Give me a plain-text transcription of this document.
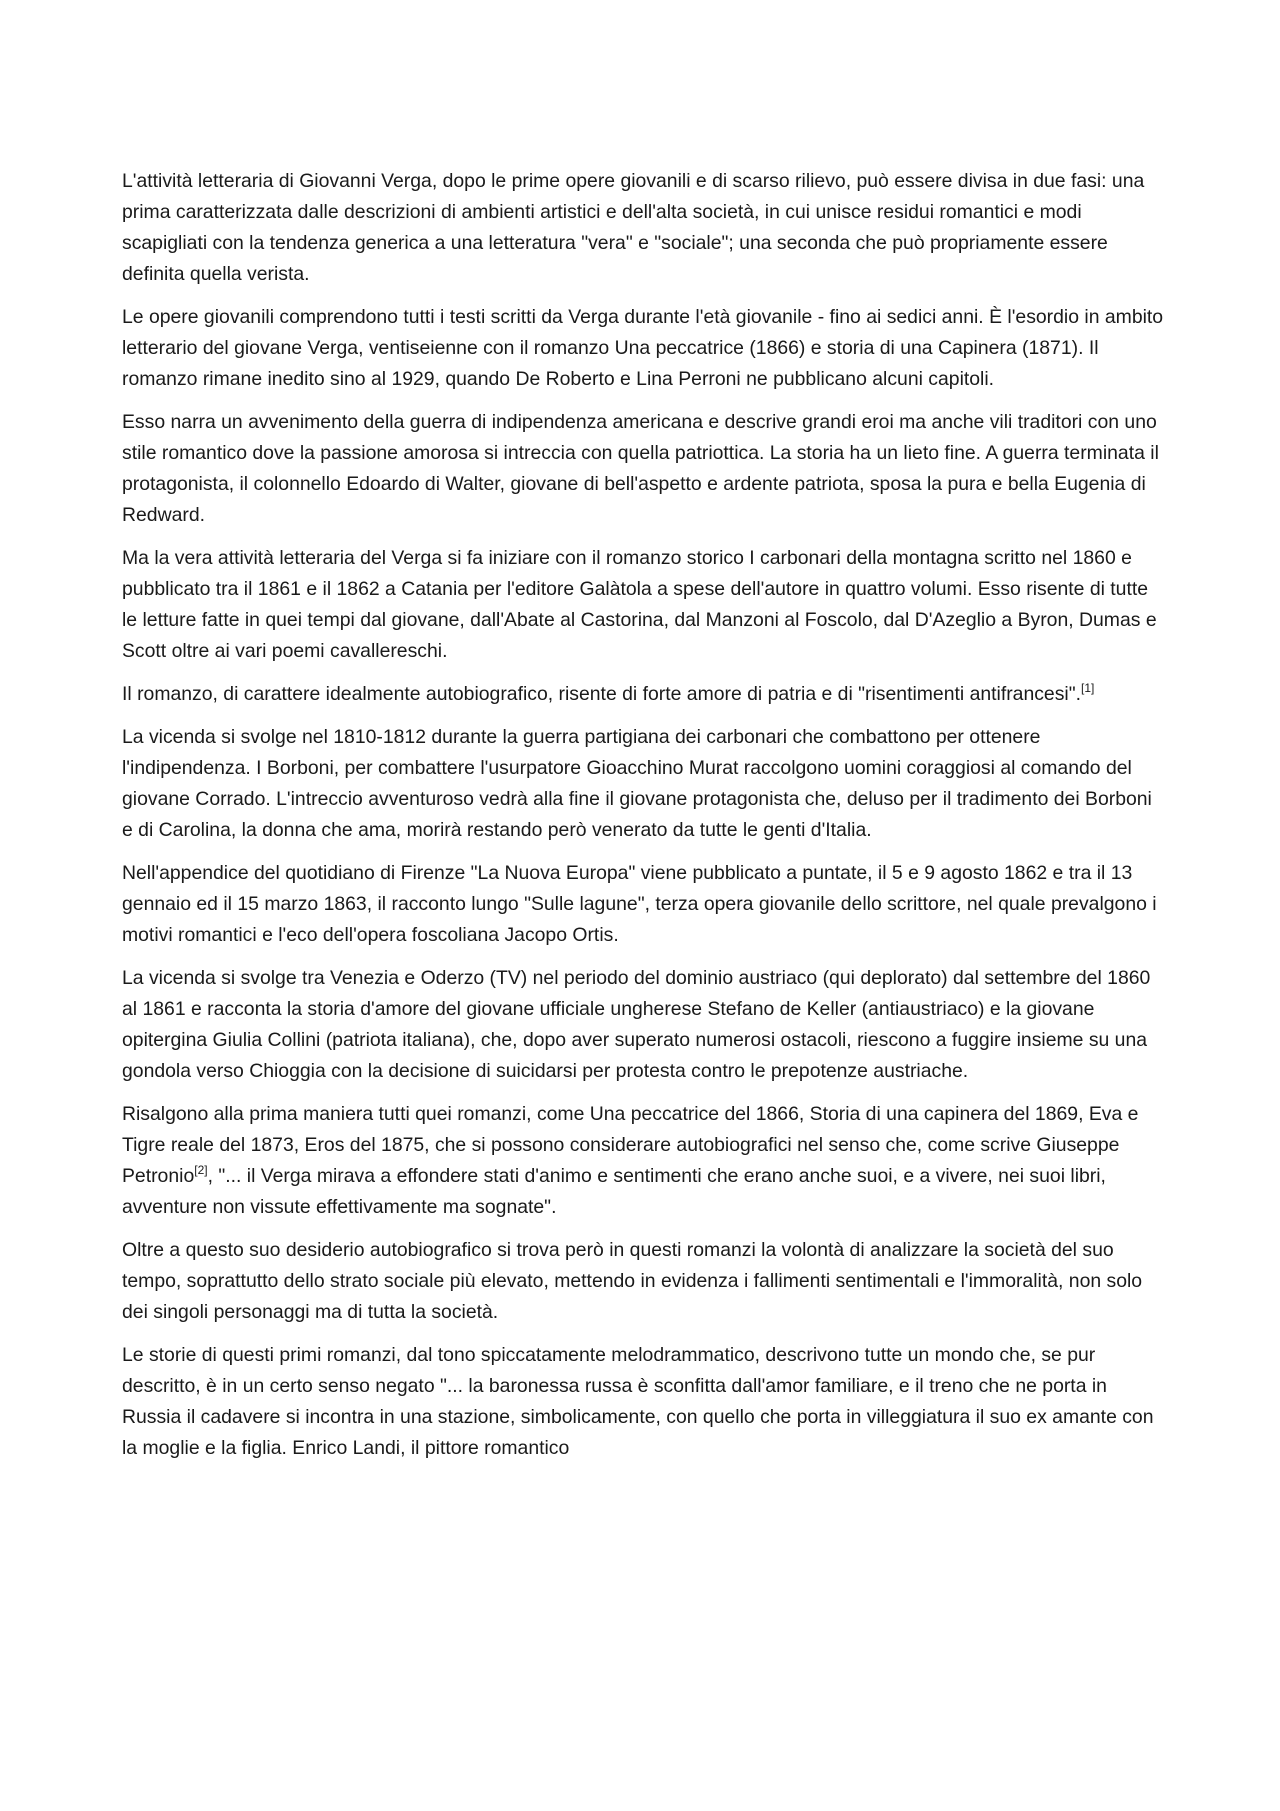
L'attività letteraria di Giovanni Verga, dopo le prime opere giovanili e di scarso rilievo, può essere divisa in due fasi: una prima caratterizzata dalle descrizioni di ambienti artistici e dell'alta società, in cui unisce residui romantici e modi scapigliati con la tendenza generica a una letteratura "vera" e "sociale"; una seconda che può propriamente essere definita quella verista.

Le opere giovanili comprendono tutti i testi scritti da Verga durante l'età giovanile - fino ai sedici anni. È l'esordio in ambito letterario del giovane Verga, ventiseienne con il romanzo Una peccatrice (1866) e storia di una Capinera (1871). Il romanzo rimane inedito sino al 1929, quando De Roberto e Lina Perroni ne pubblicano alcuni capitoli.

Esso narra un avvenimento della guerra di indipendenza americana e descrive grandi eroi ma anche vili traditori con uno stile romantico dove la passione amorosa si intreccia con quella patriottica. La storia ha un lieto fine. A guerra terminata il protagonista, il colonnello Edoardo di Walter, giovane di bell'aspetto e ardente patriota, sposa la pura e bella Eugenia di Redward.

Ma la vera attività letteraria del Verga si fa iniziare con il romanzo storico I carbonari della montagna scritto nel 1860 e pubblicato tra il 1861 e il 1862 a Catania per l'editore Galàtola a spese dell'autore in quattro volumi. Esso risente di tutte le letture fatte in quei tempi dal giovane, dall'Abate al Castorina, dal Manzoni al Foscolo, dal D'Azeglio a Byron, Dumas e Scott oltre ai vari poemi cavallereschi.

Il romanzo, di carattere idealmente autobiografico, risente di forte amore di patria e di "risentimenti antifrancesi".[1]

La vicenda si svolge nel 1810-1812 durante la guerra partigiana dei carbonari che combattono per ottenere l'indipendenza. I Borboni, per combattere l'usurpatore Gioacchino Murat raccolgono uomini coraggiosi al comando del giovane Corrado. L'intreccio avventuroso vedrà alla fine il giovane protagonista che, deluso per il tradimento dei Borboni e di Carolina, la donna che ama, morirà restando però venerato da tutte le genti d'Italia.

Nell'appendice del quotidiano di Firenze "La Nuova Europa" viene pubblicato a puntate, il 5 e 9 agosto 1862 e tra il 13 gennaio ed il 15 marzo 1863, il racconto lungo "Sulle lagune", terza opera giovanile dello scrittore, nel quale prevalgono i motivi romantici e l'eco dell'opera foscoliana Jacopo Ortis.

La vicenda si svolge tra Venezia e Oderzo (TV) nel periodo del dominio austriaco (qui deplorato) dal settembre del 1860 al 1861 e racconta la storia d'amore del giovane ufficiale ungherese Stefano de Keller (antiaustriaco) e la giovane opitergina Giulia Collini (patriota italiana), che, dopo aver superato numerosi ostacoli, riescono a fuggire insieme su una gondola verso Chioggia con la decisione di suicidarsi per protesta contro le prepotenze austriache.

Risalgono alla prima maniera tutti quei romanzi, come Una peccatrice del 1866, Storia di una capinera del 1869, Eva e Tigre reale del 1873, Eros del 1875, che si possono considerare autobiografici nel senso che, come scrive Giuseppe Petronio[2], "... il Verga mirava a effondere stati d'animo e sentimenti che erano anche suoi, e a vivere, nei suoi libri, avventure non vissute effettivamente ma sognate".

Oltre a questo suo desiderio autobiografico si trova però in questi romanzi la volontà di analizzare la società del suo tempo, soprattutto dello strato sociale più elevato, mettendo in evidenza i fallimenti sentimentali e l'immoralità, non solo dei singoli personaggi ma di tutta la società.

Le storie di questi primi romanzi, dal tono spiccatamente melodrammatico, descrivono tutte un mondo che, se pur descritto, è in un certo senso negato "... la baronessa russa è sconfitta dall'amor familiare, e il treno che ne porta in Russia il cadavere si incontra in una stazione, simbolicamente, con quello che porta in villeggiatura il suo ex amante con la moglie e la figlia. Enrico Landi, il pittore romantico
